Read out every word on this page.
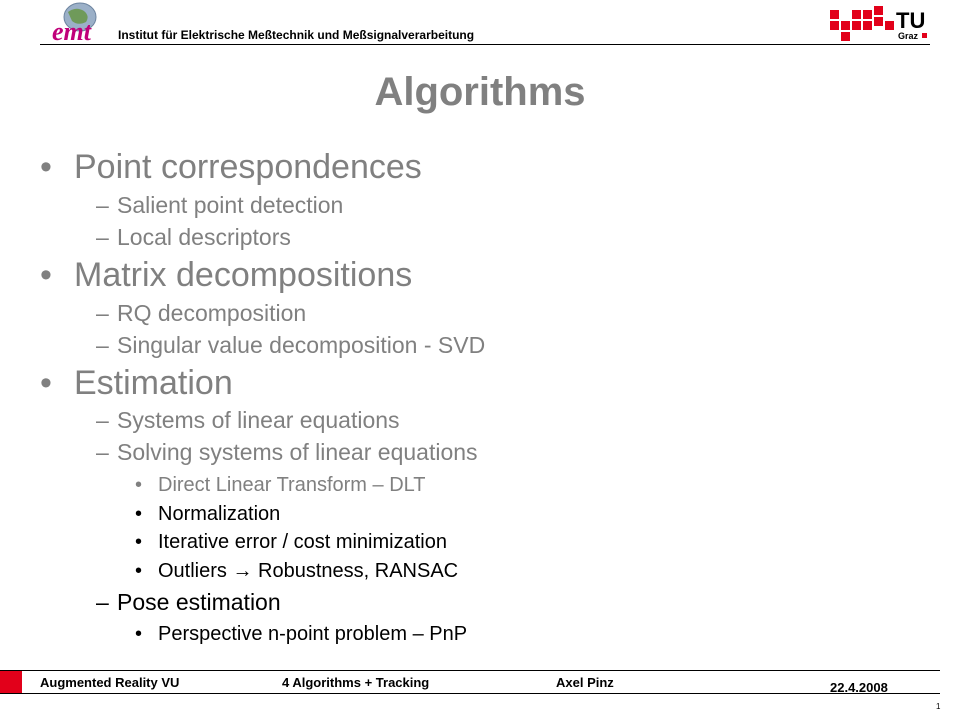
emt Institut für Elektrische Meßtechnik und Meßsignalverarbeitung
TU
Graz
Algorithms
• Point correspondences
– Salient point detection
– Local descriptors
• Matrix decompositions
– RQ decomposition
– Singular value decomposition - SVD
• Estimation
– Systems of linear equations
– Solving systems of linear equations
• Direct Linear Transform – DLT
• Normalization
• Iterative error / cost minimization
• Outliers → Robustness, RANSAC
– Pose estimation
• Perspective n-point problem – PnP
Augmented Reality VU	4 Algorithms + Tracking	Axel Pinz	22.4.2008
1
